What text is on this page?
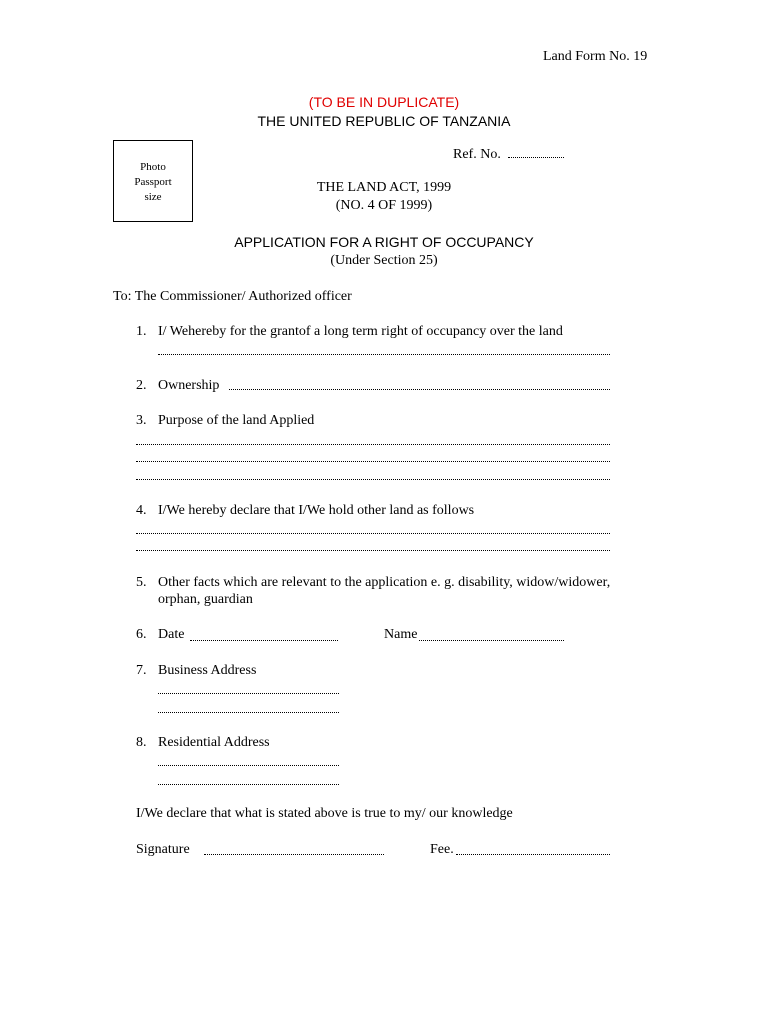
Land Form No. 19
(TO BE IN DUPLICATE)
THE UNITED REPUBLIC OF TANZANIA
Photo
Passport
size
Ref. No.
THE LAND ACT, 1999
(NO. 4 OF 1999)
APPLICATION FOR A RIGHT OF OCCUPANCY
(Under Section 25)
To: The Commissioner/ Authorized officer
1. I/ Wehereby for the grantof a long term right of occupancy over the land
2. Ownership
3. Purpose of the land Applied
4. I/We hereby declare that I/We hold other land as follows
5. Other facts which are relevant to the application e. g. disability, widow/widower,
orphan, guardian
6. Date	Name
7. Business Address
8. Residential Address
I/We declare that what is stated above is true to my/ our knowledge
Signature	Fee.
